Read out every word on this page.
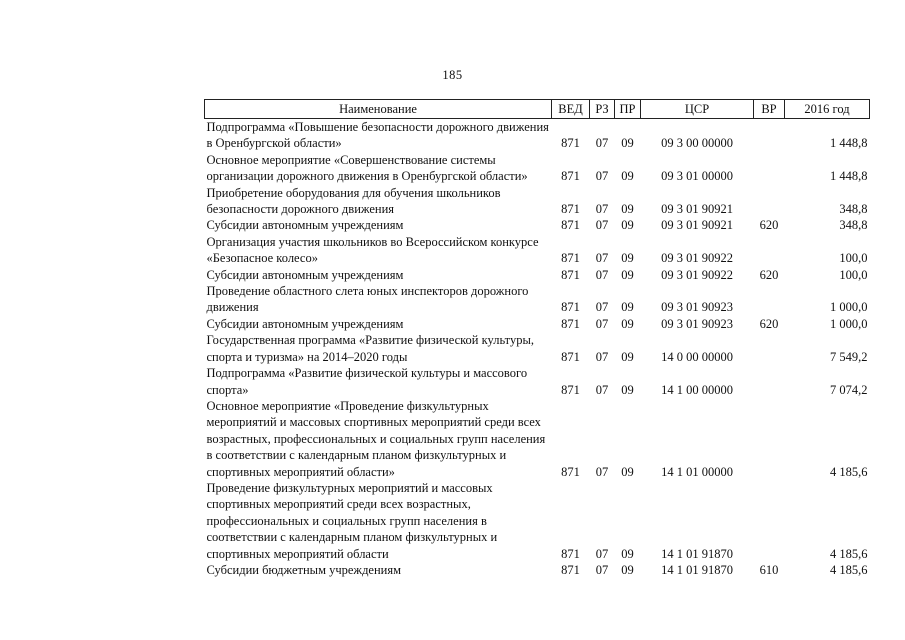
185
Наименование	ВЕД	РЗ	ПР	ЦСР	ВР	2016 год
Подпрограмма «Повышение безопасности дорожного движения в Оренбургской области»	871	07	09	09 3 00 00000		1 448,8
Основное мероприятие «Совершенствование системы организации дорожного движения в Оренбургской области»	871	07	09	09 3 01 00000		1 448,8
Приобретение оборудования для обучения школьников безопасности дорожного движения	871	07	09	09 3 01 90921		348,8
Субсидии автономным учреждениям	871	07	09	09 3 01 90921	620	348,8
Организация участия школьников во Всероссийском конкурсе «Безопасное колесо»	871	07	09	09 3 01 90922		100,0
Субсидии автономным учреждениям	871	07	09	09 3 01 90922	620	100,0
Проведение областного слета юных инспекторов дорожного движения	871	07	09	09 3 01 90923		1 000,0
Субсидии автономным учреждениям	871	07	09	09 3 01 90923	620	1 000,0
Государственная программа «Развитие физической культуры, спорта и туризма» на 2014–2020 годы	871	07	09	14 0 00 00000		7 549,2
Подпрограмма «Развитие физической культуры и массового спорта»	871	07	09	14 1 00 00000		7 074,2
Основное мероприятие «Проведение физкультурных мероприятий и массовых спортивных мероприятий среди всех возрастных, профессиональных и социальных групп населения в соответствии с календарным планом физкультурных и спортивных мероприятий области»	871	07	09	14 1 01 00000		4 185,6
Проведение физкультурных мероприятий и массовых спортивных мероприятий среди всех возрастных, профессиональных и социальных групп населения в соответствии с календарным планом физкультурных и спортивных мероприятий области	871	07	09	14 1 01 91870		4 185,6
Субсидии бюджетным учреждениям	871	07	09	14 1 01 91870	610	4 185,6
